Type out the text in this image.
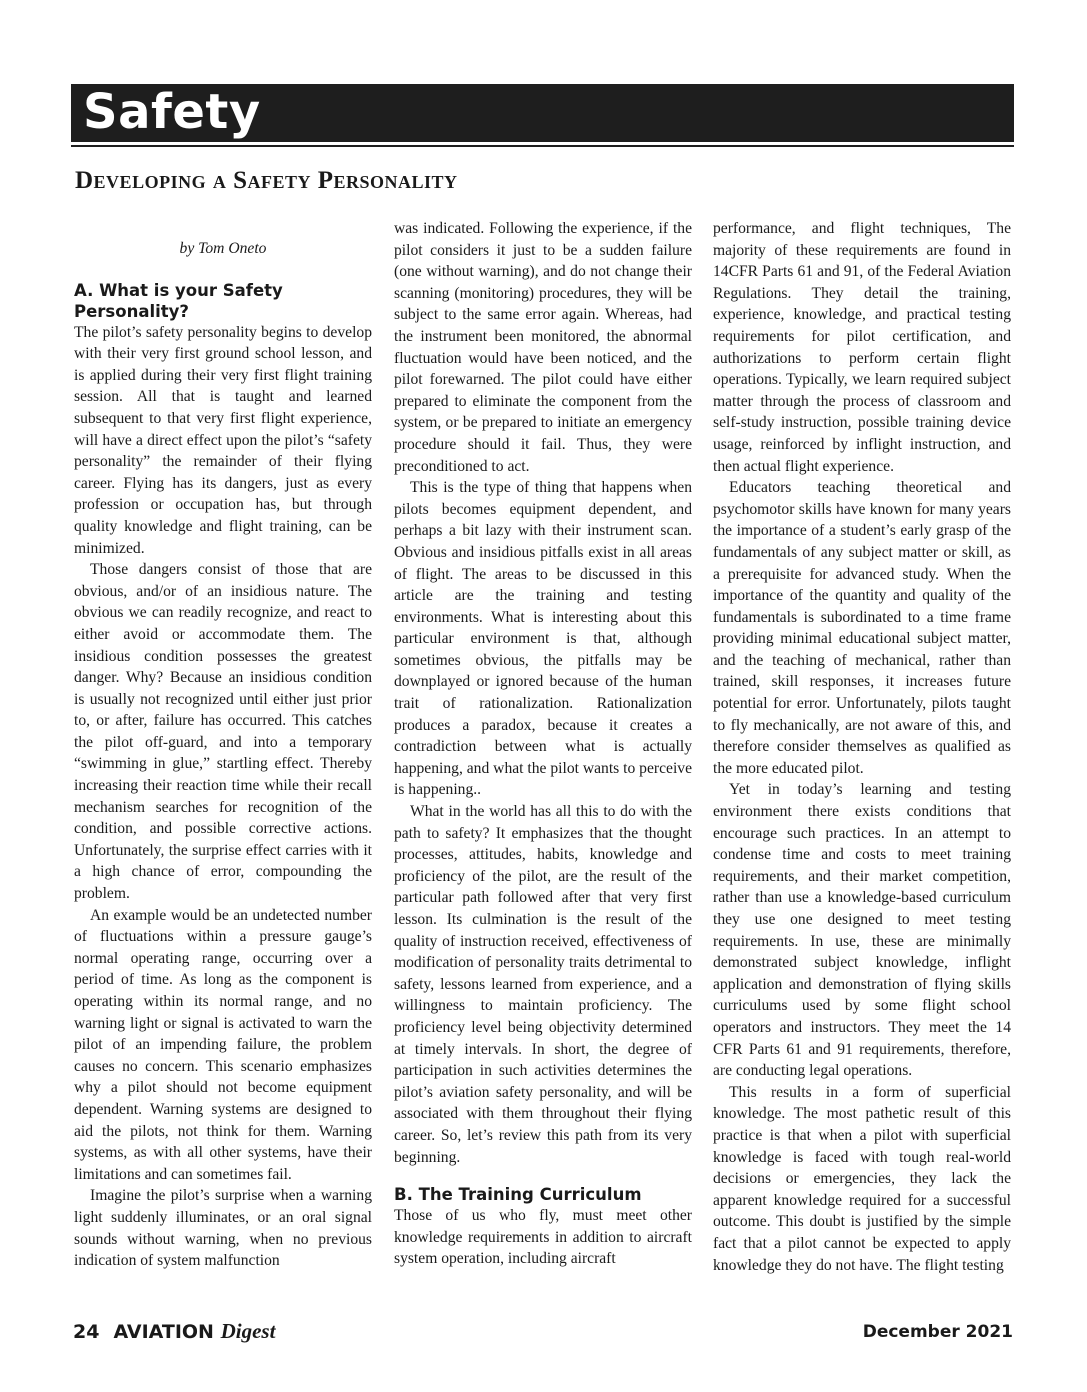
Safety
Developing a Safety Personality
by Tom Oneto
A. What is your Safety Personality?

The pilot’s safety personality begins to develop with their very first ground school lesson, and is applied during their very first flight training session. All that is taught and learned subsequent to that very first flight experience, will have a direct effect upon the pilot’s “safety personality” the remainder of their flying career. Flying has its dangers, just as every profession or occupation has, but through quality knowledge and flight training, can be minimized.

Those dangers consist of those that are obvious, and/or of an insidious nature. The obvious we can readily recognize, and react to either avoid or accommodate them. The insidious condition possesses the greatest danger. Why? Because an insidious condition is usually not recognized until either just prior to, or after, failure has occurred. This catches the pilot off-guard, and into a temporary “swimming in glue,” startling effect. Thereby increasing their reaction time while their recall mechanism searches for recognition of the condition, and possible corrective actions. Unfortunately, the surprise effect carries with it a high chance of error, compounding the problem.

An example would be an undetected number of fluctuations within a pressure gauge’s normal operating range, occurring over a period of time. As long as the component is operating within its normal range, and no warning light or signal is activated to warn the pilot of an impending failure, the problem causes no concern. This scenario emphasizes why a pilot should not become equipment dependent. Warning systems are designed to aid the pilots, not think for them. Warning systems, as with all other systems, have their limitations and can sometimes fail.

Imagine the pilot’s surprise when a warning light suddenly illuminates, or an oral signal sounds without warning, when no previous indication of system malfunction

was indicated. Following the experience, if the pilot considers it just to be a sudden failure (one without warning), and do not change their scanning (monitoring) procedures, they will be subject to the same error again. Whereas, had the instrument been monitored, the abnormal fluctuation would have been noticed, and the pilot forewarned. The pilot could have either prepared to eliminate the component from the system, or be prepared to initiate an emergency procedure should it fail. Thus, they were preconditioned to act.

This is the type of thing that happens when pilots becomes equipment dependent, and perhaps a bit lazy with their instrument scan. Obvious and insidious pitfalls exist in all areas of flight. The areas to be discussed in this article are the training and testing environments. What is interesting about this particular environment is that, although sometimes obvious, the pitfalls may be downplayed or ignored because of the human trait of rationalization. Rationalization produces a paradox, because it creates a contradiction between what is actually happening, and what the pilot wants to perceive is happening..

What in the world has all this to do with the path to safety? It emphasizes that the thought processes, attitudes, habits, knowledge and proficiency of the pilot, are the result of the particular path followed after that very first lesson. Its culmination is the result of the quality of instruction received, effectiveness of modification of personality traits detrimental to safety, lessons learned from experience, and a willingness to maintain proficiency. The proficiency level being objectivity determined at timely intervals. In short, the degree of participation in such activities determines the pilot’s aviation safety personality, and will be associated with them throughout their flying career. So, let’s review this path from its very beginning.

B. The Training Curriculum

Those of us who fly, must meet other knowledge requirements in addition to aircraft system operation, including aircraft

performance, and flight techniques, The majority of these requirements are found in 14CFR Parts 61 and 91, of the Federal Aviation Regulations. They detail the training, experience, knowledge, and practical testing requirements for pilot certification, and authorizations to perform certain flight operations. Typically, we learn required subject matter through the process of classroom and self-study instruction, possible training device usage, reinforced by inflight instruction, and then actual flight experience.

Educators teaching theoretical and psychomotor skills have known for many years the importance of a student’s early grasp of the fundamentals of any subject matter or skill, as a prerequisite for advanced study. When the importance of the quantity and quality of the fundamentals is subordinated to a time frame providing minimal educational subject matter, and the teaching of mechanical, rather than trained, skill responses, it increases future potential for error. Unfortunately, pilots taught to fly mechanically, are not aware of this, and therefore consider themselves as qualified as the more educated pilot.

Yet in today’s learning and testing environment there exists conditions that encourage such practices. In an attempt to condense time and costs to meet training requirements, and their market competition, rather than use a knowledge-based curriculum they use one designed to meet testing requirements. In use, these are minimally demonstrated subject knowledge, inflight application and demonstration of flying skills curriculums used by some flight school operators and instructors. They meet the 14 CFR Parts 61 and 91 requirements, therefore, are conducting legal operations.

This results in a form of superficial knowledge. The most pathetic result of this practice is that when a pilot with superficial knowledge is faced with tough real-world decisions or emergencies, they lack the apparent knowledge required for a successful outcome. This doubt is justified by the simple fact that a pilot cannot be expected to apply knowledge they do not have. The flight testing

24 AVIATION Digest	December 2021
